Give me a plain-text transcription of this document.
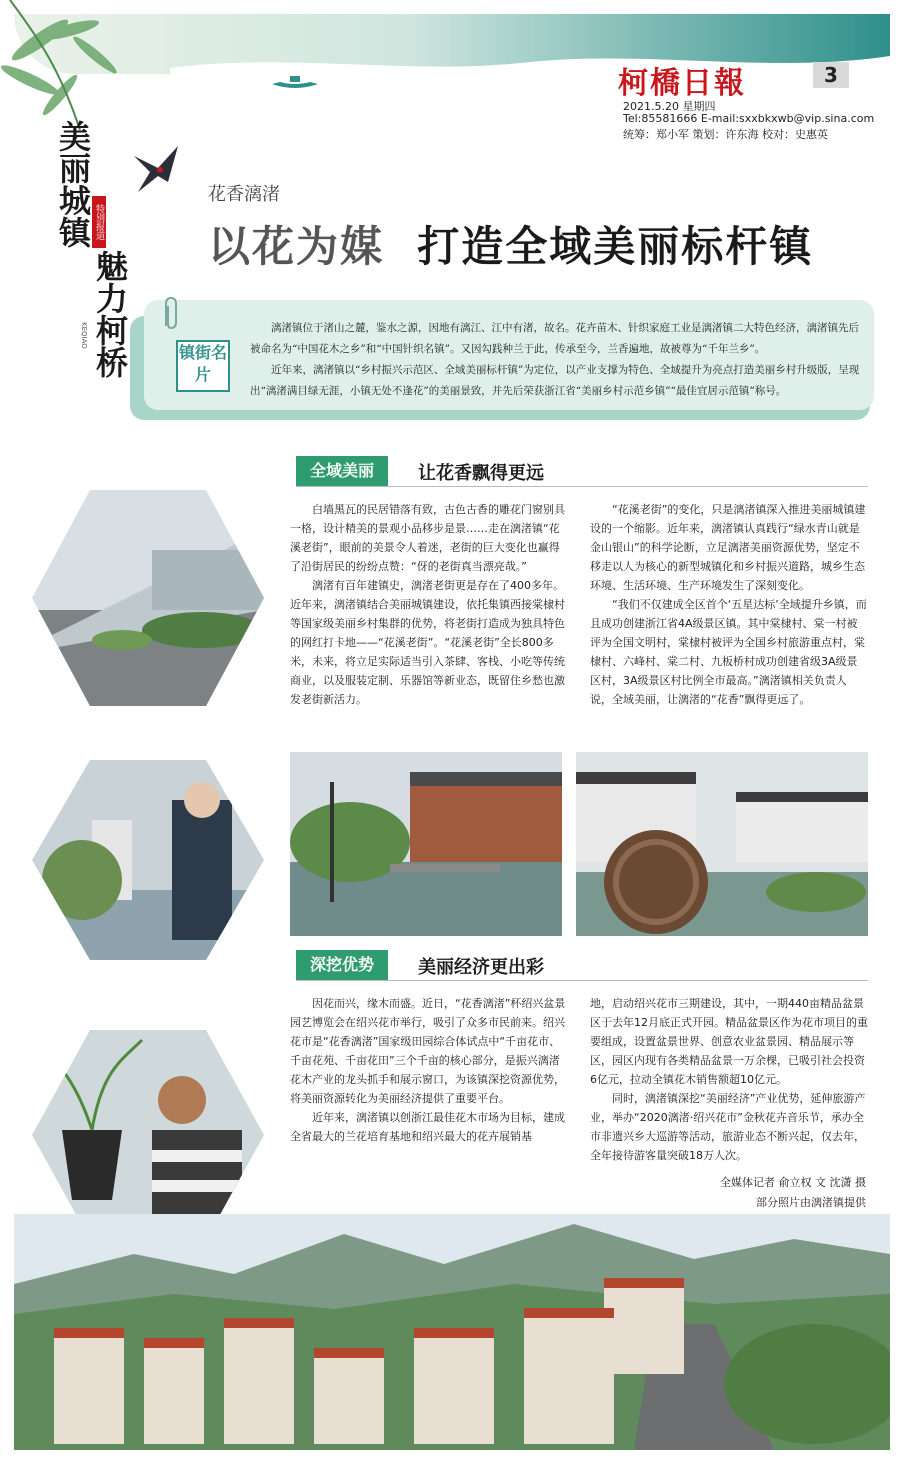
柯橋日報	3
2021.5.20 星期四
Tel:85581666 E-mail:sxxbkxwb@vip.sina.com
统筹：郑小军 策划：许东海 校对：史惠英
美丽城镇 特别报道
魅力柯桥
KEQIAO
花香漓渚
以花为媒 打造全域美丽标杆镇
镇街名片
漓渚镇位于渚山之麓，鉴水之源，因地有漓江、江中有渚，故名。花卉苗木、针织家庭工业是漓渚镇二大特色经济，漓渚镇先后被命名为“中国花木之乡”和“中国针织名镇”。又因勾践种兰于此，传承至今，兰香遍地，故被尊为“千年兰乡”。
近年来，漓渚镇以“乡村振兴示范区、全域美丽标杆镇”为定位，以产业支撑为特色、全域提升为亮点打造美丽乡村升级版，呈现出“漓渚满目绿无涯，小镇无处不逢花”的美丽景致，并先后荣获浙江省“美丽乡村示范乡镇”“最佳宜居示范镇”称号。
全域美丽	让花香飘得更远

白墙黑瓦的民居错落有致，古色古香的雕花门窗别具一格，设计精美的景观小品移步是景……走在漓渚镇“花溪老街”，眼前的美景令人着迷，老街的巨大变化也赢得了沿街居民的纷纷点赞：“伢的老街真当漂亮哉。”

漓渚有百年建镇史，漓渚老街更是存在了400多年。近年来，漓渚镇结合美丽城镇建设，依托集镇西接棠棣村等国家级美丽乡村集群的优势，将老街打造成为独具特色的网红打卡地——“花溪老街”。“花溪老街”全长800多米，未来，将立足实际适当引入茶肆、客栈、小吃等传统商业，以及服装定制、乐器馆等新业态，既留住乡愁也激发老街新活力。

“花溪老街”的变化，只是漓渚镇深入推进美丽城镇建设的一个缩影。近年来，漓渚镇认真践行“绿水青山就是金山银山”的科学论断，立足漓渚美丽资源优势，坚定不移走以人为核心的新型城镇化和乡村振兴道路，城乡生态环境、生活环境、生产环境发生了深刻变化。

“我们不仅建成全区首个‘五星达标’全域提升乡镇，而且成功创建浙江省4A级景区镇。其中棠棣村、棠一村被评为全国文明村，棠棣村被评为全国乡村旅游重点村，棠棣村、六峰村、棠二村、九板桥村成功创建省级3A级景区村，3A级景区村比例全市最高。”漓渚镇相关负责人说，全域美丽，让漓渚的“花香”飘得更远了。

深挖优势	美丽经济更出彩

因花而兴，缘木而盛。近日，“花香漓渚”杯绍兴盆景园艺博览会在绍兴花市举行，吸引了众多市民前来。绍兴花市是“花香漓渚”国家级田园综合体试点中“千亩花市、千亩花苑、千亩花田”三个千亩的核心部分，是振兴漓渚花木产业的龙头抓手和展示窗口，为该镇深挖资源优势，将美丽资源转化为美丽经济提供了重要平台。

近年来，漓渚镇以创浙江最佳花木市场为目标，建成全省最大的兰花培育基地和绍兴最大的花卉展销基

地，启动绍兴花市三期建设，其中，一期440亩精品盆景区于去年12月底正式开园。精品盆景区作为花市项目的重要组成，设置盆景世界、创意农业盆景园、精品展示等区，园区内现有各类精品盆景一万余棵，已吸引社会投资6亿元，拉动全镇花木销售额超10亿元。

同时，漓渚镇深挖“美丽经济”产业优势，延伸旅游产业，举办“2020漓渚·绍兴花市”金秋花卉音乐节，承办全市非遗兴乡大巡游等活动，旅游业态不断兴起，仅去年，全年接待游客量突破18万人次。

全媒体记者 俞立权 文 沈潇 摄
部分照片由漓渚镇提供
